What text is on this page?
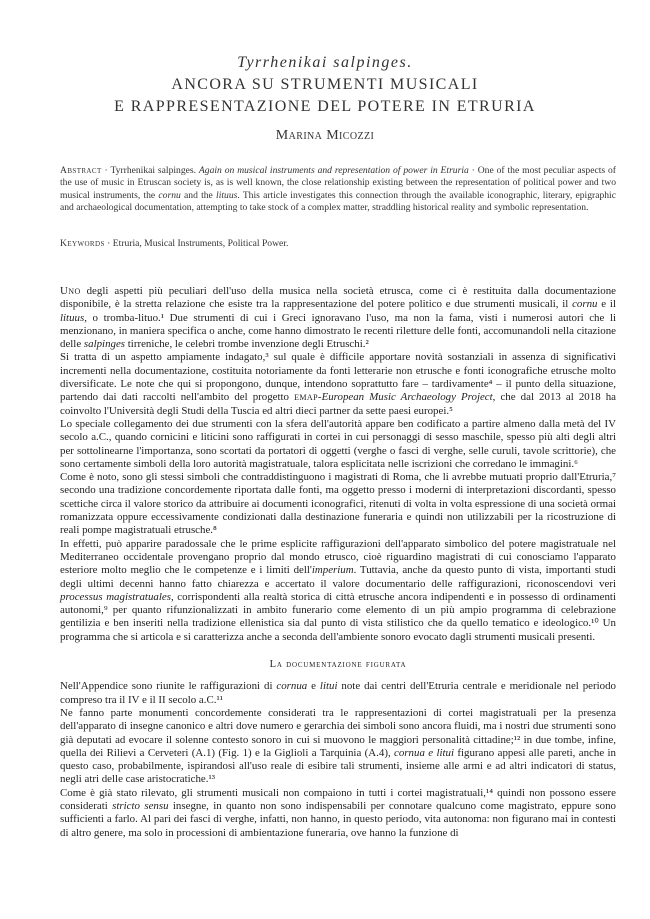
Tyrrhenikai salpinges.
ANCORA SU STRUMENTI MUSICALI
E RAPPRESENTAZIONE DEL POTERE IN ETRURIA
Marina Micozzi
Abstract · Tyrrhenikai salpinges. Again on musical instruments and representation of power in Etruria · One of the most peculiar aspects of the use of music in Etruscan society is, as is well known, the close relationship existing between the representation of political power and two musical instruments, the cornu and the lituus. This article investigates this connection through the available iconographic, literary, epigraphic and archaeological documentation, attempting to take stock of a complex matter, straddling historical reality and symbolic representation.
Keywords · Etruria, Musical Instruments, Political Power.

Uno degli aspetti più peculiari dell'uso della musica nella società etrusca, come ci è restituita dalla documentazione disponibile, è la stretta relazione che esiste tra la rappresentazione del potere politico e due strumenti musicali, il cornu e il lituus, o tromba-lituo.¹ Due strumenti di cui i Greci ignoravano l'uso, ma non la fama, visti i numerosi autori che li menzionano, in maniera specifica o anche, come hanno dimostrato le recenti riletture delle fonti, accomunandoli nella citazione delle salpinges tirreniche, le celebri trombe invenzione degli Etruschi.²

Si tratta di un aspetto ampiamente indagato,³ sul quale è difficile apportare novità sostanziali in assenza di significativi incrementi nella documentazione, costituita notoriamente da fonti letterarie non etrusche e fonti iconografiche etrusche molto diversificate. Le note che qui si propongono, dunque, intendono soprattutto fare – tardivamente⁴ – il punto della situazione, partendo dai dati raccolti nell'ambito del progetto emap-European Music Archaeology Project, che dal 2013 al 2018 ha coinvolto l'Università degli Studi della Tuscia ed altri dieci partner da sette paesi europei.⁵

Lo speciale collegamento dei due strumenti con la sfera dell'autorità appare ben codificato a partire almeno dalla metà del IV secolo a.C., quando cornicini e liticini sono raffigurati in cortei in cui personaggi di sesso maschile, spesso più alti degli altri per sottolinearne l'importanza, sono scortati da portatori di oggetti (verghe o fasci di verghe, selle curuli, tavole scrittorie), che sono certamente simboli della loro autorità magistratuale, talora esplicitata nelle iscrizioni che corredano le immagini.⁶

Come è noto, sono gli stessi simboli che contraddistinguono i magistrati di Roma, che li avrebbe mutuati proprio dall'Etruria,⁷ secondo una tradizione concordemente riportata dalle fonti, ma oggetto presso i moderni di interpretazioni discordanti, spesso scettiche circa il valore storico da attribuire ai documenti iconografici, ritenuti di volta in volta espressione di una società ormai romanizzata oppure eccessivamente condizionati dalla destinazione funeraria e quindi non utilizzabili per la ricostruzione di reali pompe magistratuali etrusche.⁸

In effetti, può apparire paradossale che le prime esplicite raffigurazioni dell'apparato simbolico del potere magistratuale nel Mediterraneo occidentale provengano proprio dal mondo etrusco, cioè riguardino magistrati di cui conosciamo l'apparato esteriore molto meglio che le competenze e i limiti dell'imperium. Tuttavia, anche da questo punto di vista, importanti studi degli ultimi decenni hanno fatto chiarezza e accertato il valore documentario delle raffigurazioni, riconoscendovi veri processus magistratuales, corrispondenti alla realtà storica di città etrusche ancora indipendenti e in possesso di ordinamenti autonomi,⁹ per quanto rifunzionalizzati in ambito funerario come elemento di un più ampio programma di celebrazione gentilizia e ben inseriti nella tradizione ellenistica sia dal punto di vista stilistico che da quello tematico e ideologico.¹⁰ Un programma che si articola e si caratterizza anche a seconda dell'ambiente sonoro evocato dagli strumenti musicali presenti.

La documentazione figurata

Nell'Appendice sono riunite le raffigurazioni di cornua e litui note dai centri dell'Etruria centrale e meridionale nel periodo compreso tra il IV e il II secolo a.C.¹¹

Ne fanno parte monumenti concordemente considerati tra le rappresentazioni di cortei magistratuali per la presenza dell'apparato di insegne canonico e altri dove numero e gerarchia dei simboli sono ancora fluidi, ma i nostri due strumenti sono già deputati ad evocare il solenne contesto sonoro in cui si muovono le maggiori personalità cittadine;¹² in due tombe, infine, quella dei Rilievi a Cerveteri (A.1) (Fig. 1) e la Giglioli a Tarquinia (A.4), cornua e litui figurano appesi alle pareti, anche in questo caso, probabilmente, ispirandosi all'uso reale di esibire tali strumenti, insieme alle armi e ad altri indicatori di status, negli atri delle case aristocratiche.¹³

Come è già stato rilevato, gli strumenti musicali non compaiono in tutti i cortei magistratuali,¹⁴ quindi non possono essere considerati stricto sensu insegne, in quanto non sono indispensabili per connotare qualcuno come magistrato, eppure sono sufficienti a farlo. Al pari dei fasci di verghe, infatti, non hanno, in questo periodo, vita autonoma: non figurano mai in contesti di altro genere, ma solo in processioni di ambientazione funeraria, ove hanno la funzione di
